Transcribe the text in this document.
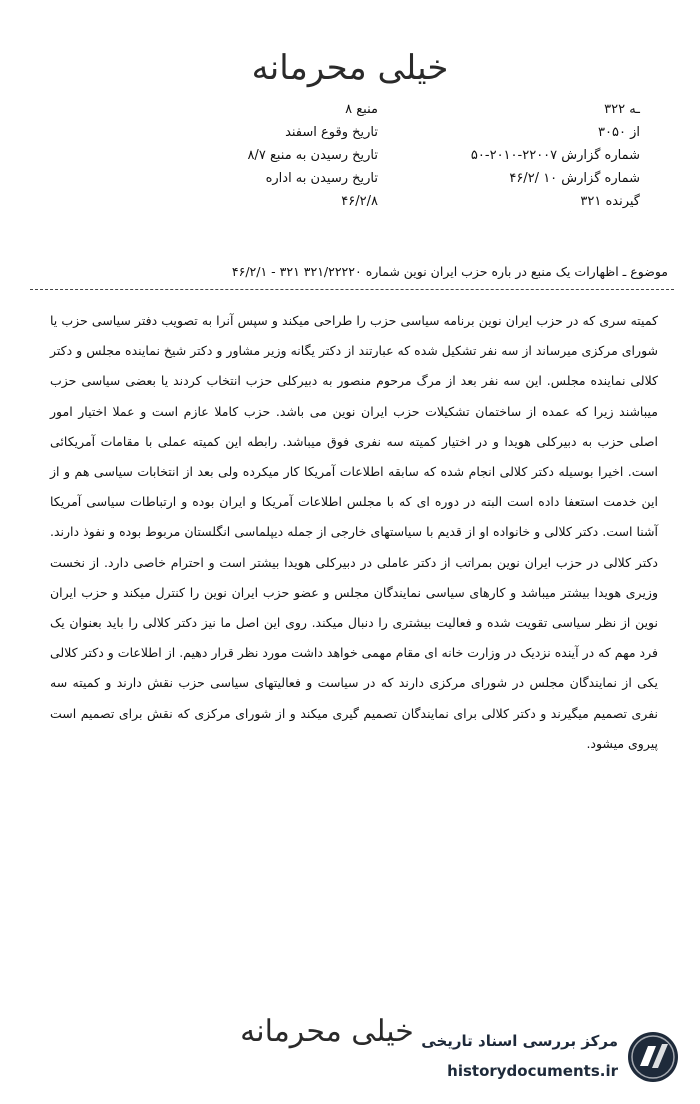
خیلی محرمانه
ـه ۳۲۲
از ۳۰۵۰
شماره گزارش ۲۲۰۰۷-۲۰۱۰-۵۰
شماره گزارش ۱۰ /۴۶/۲
گیرنده ۳۲۱
منبع ۸
تاریخ وقوع اسفند
تاریخ رسیدن به منبع ۸/۷
تاریخ رسیدن به اداره
۴۶/۲/۸
موضوع ـ اظهارات یک منبع در باره حزب ایران نوین شماره ۳۲۱/۲۲۲۲۰ ۳۲۱ - ۴۶/۲/۱
کمیته سری که در حزب ایران نوین برنامه سیاسی حزب را طراحی میکند و سپس آنرا به تصویب دفتر سیاسی حزب یا شورای مرکزی میرساند از سه نفر تشکیل شده که عبارتند از دکتر یگانه وزیر مشاور و دکتر شیخ نماینده مجلس و دکتر کلالی نماینده مجلس. این سه نفر بعد از مرگ مرحوم منصور به دبیرکلی حزب انتخاب کردند یا بعضی سیاسی حزب میباشند زیرا که عمده از ساختمان تشکیلات حزب ایران نوین می باشد. حزب کاملا عازم است و عملا اختیار امور اصلی حزب به دبیرکلی هویدا و در اختیار کمیته سه نفری فوق میباشد. رابطه این کمیته عملی با مقامات آمریکائی است. اخیرا بوسیله دکتر کلالی انجام شده که سابقه اطلاعات آمریکا کار میکرده ولی بعد از انتخابات سیاسی هم و از این خدمت استعفا داده است البته در دوره ای که با مجلس اطلاعات آمریکا و ایران بوده و ارتباطات سیاسی آمریکا آشنا است. دکتر کلالی و خانواده او از قدیم با سیاستهای خارجی از جمله دیپلماسی انگلستان مربوط بوده و نفوذ دارند. دکتر کلالی در حزب ایران نوین بمراتب از دکتر عاملی در دبیرکلی هویدا بیشتر است و احترام خاصی دارد. از نخست وزیری هویدا بیشتر میباشد و کارهای سیاسی نمایندگان مجلس و عضو حزب ایران نوین را کنترل میکند و حزب ایران نوین از نظر سیاسی تقویت شده و فعالیت بیشتری را دنبال میکند. روی این اصل ما نیز دکتر کلالی را باید بعنوان یک فرد مهم که در آینده نزدیک در وزارت خانه ای مقام مهمی خواهد داشت مورد نظر قرار دهیم. از اطلاعات و دکتر کلالی یکی از نمایندگان مجلس در شورای مرکزی دارند که در سیاست و فعالیتهای سیاسی حزب نقش دارند و کمیته سه نفری تصمیم میگیرند و دکتر کلالی برای نمایندگان تصمیم گیری میکند و از شورای مرکزی که نقش برای تصمیم است پیروی میشود.
خیلی محرمانه مرکز بررسی اسناد تاریخی
historydocuments.ir
